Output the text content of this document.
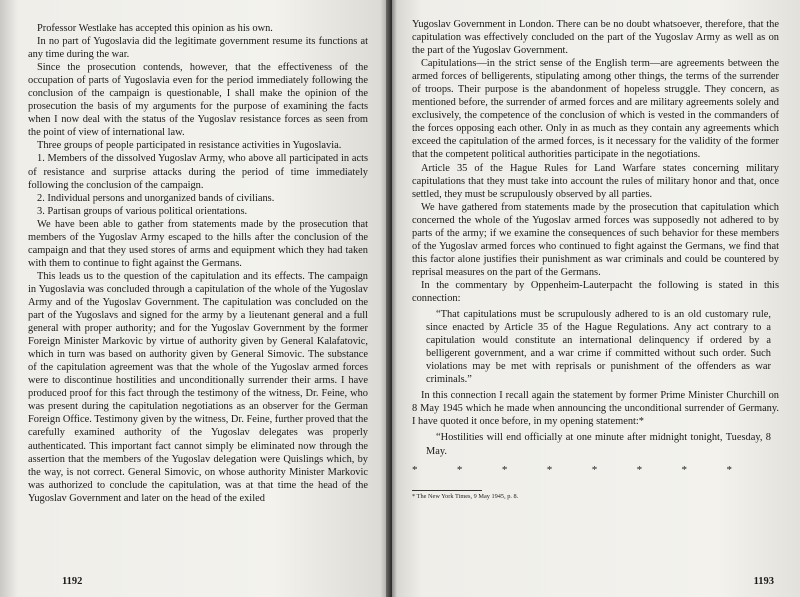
Professor Westlake has accepted this opinion as his own.

In no part of Yugoslavia did the legitimate government resume its functions at any time during the war.

Since the prosecution contends, however, that the effectiveness of the occupation of parts of Yugoslavia even for the period immediately following the conclusion of the campaign is questionable, I shall make the opinion of the prosecution the basis of my arguments for the purpose of examining the facts when I now deal with the status of the Yugoslav resistance forces as seen from the point of view of international law.

Three groups of people participated in resistance activities in Yugoslavia.

1. Members of the dissolved Yugoslav Army, who above all participated in acts of resistance and surprise attacks during the period of time immediately following the conclusion of the campaign.

2. Individual persons and unorganized bands of civilians.

3. Partisan groups of various political orientations.

We have been able to gather from statements made by the prosecution that members of the Yugoslav Army escaped to the hills after the conclusion of the campaign and that they used stores of arms and equipment which they had taken with them to continue to fight against the Germans.

This leads us to the question of the capitulation and its effects. The campaign in Yugoslavia was concluded through a capitulation of the whole of the Yugoslav Army and of the Yugoslav Government. The capitulation was concluded on the part of the Yugoslavs and signed for the army by a lieutenant general and a full general with proper authority; and for the Yugoslav Government by the former Foreign Minister Markovic by virtue of authority given by General Kalafatovic, which in turn was based on authority given by General Simovic. The substance of the capitulation agreement was that the whole of the Yugoslav armed forces were to discontinue hostilities and unconditionally surrender their arms. I have produced proof for this fact through the testimony of the witness, Dr. Feine, who was present during the capitulation negotiations as an observer for the German Foreign Office. Testimony given by the witness, Dr. Feine, further proved that the carefully examined authority of the Yugoslav delegates was properly authenticated. This important fact cannot simply be eliminated now through the assertion that the members of the Yugoslav delegation were Quislings which, by the way, is not correct. General Simovic, on whose authority Minister Markovic was authorized to conclude the capitulation, was at that time the head of the Yugoslav Government and later on the head of the exiled

1192

Yugoslav Government in London. There can be no doubt whatsoever, therefore, that the capitulation was effectively concluded on the part of the Yugoslav Army as well as on the part of the Yugoslav Government.

Capitulations—in the strict sense of the English term—are agreements between the armed forces of belligerents, stipulating among other things, the terms of the surrender of troops. Their purpose is the abandonment of hopeless struggle. They concern, as mentioned before, the surrender of armed forces and are military agreements solely and exclusively, the competence of the conclusion of which is vested in the commanders of the forces opposing each other. Only in as much as they contain any agreements which exceed the capitulation of the armed forces, is it necessary for the validity of the former that the competent political authorities participate in the negotiations.

Article 35 of the Hague Rules for Land Warfare states concerning military capitulations that they must take into account the rules of military honor and that, once settled, they must be scrupulously observed by all parties.

We have gathered from statements made by the prosecution that capitulation which concerned the whole of the Yugoslav armed forces was supposedly not adhered to by parts of the army; if we examine the consequences of such behavior for these members of the Yugoslav armed forces who continued to fight against the Germans, we find that this factor alone justifies their punishment as war criminals and could be countered by reprisal measures on the part of the Germans.

In the commentary by Oppenheim-Lauterpacht the following is stated in this connection:

“That capitulations must be scrupulously adhered to is an old customary rule, since enacted by Article 35 of the Hague Regulations. Any act contrary to a capitulation would constitute an international delinquency if ordered by a belligerent government, and a war crime if committed without such order. Such violations may be met with reprisals or punishment of the offenders as war criminals.”

In this connection I recall again the statement by former Prime Minister Churchill on 8 May 1945 which he made when announcing the unconditional surrender of Germany. I have quoted it once before, in my opening statement:*

“Hostilities will end officially at one minute after midnight tonight, Tuesday, 8 May.

*	*	*	*	*	*	*	*

* The New York Times, 9 May 1945, p. 8.

1193
